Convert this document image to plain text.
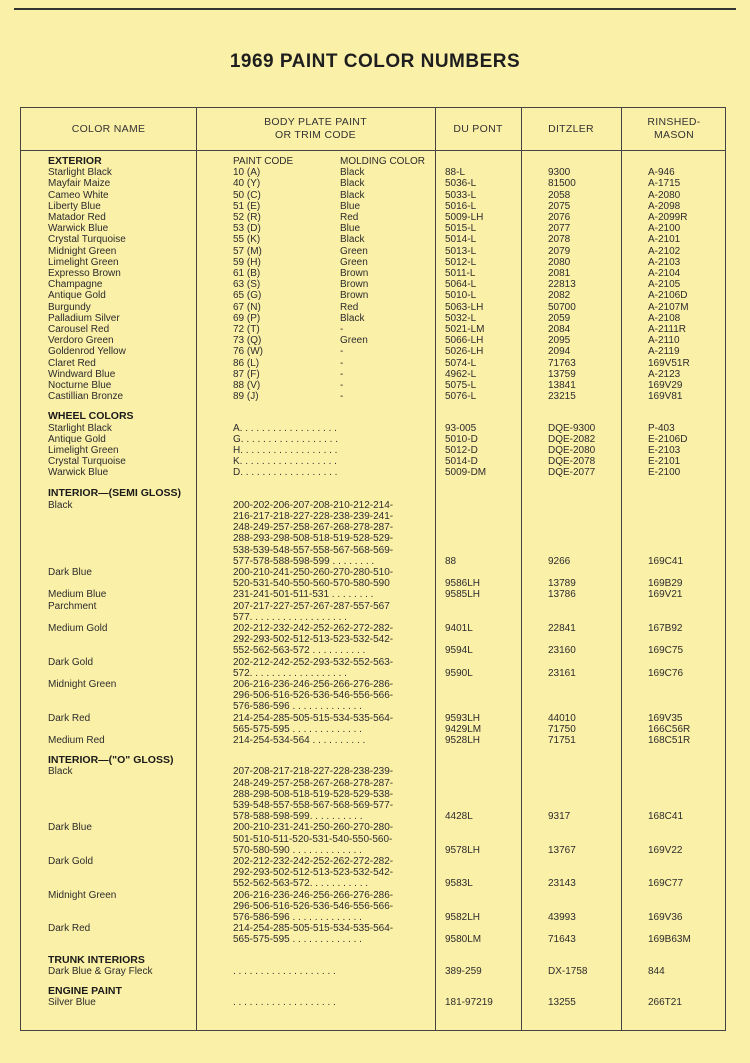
1969 PAINT COLOR NUMBERS
COLOR NAME
BODY PLATE PAINT
OR TRIM CODE
DU PONT	DITZLER
RINSHED-
MASON
EXTERIOR	PAINT CODE	MOLDING COLOR
Starlight Black	10 (A)	Black	88-L	9300	A-946
Mayfair Maize	40 (Y)	Black	5036-L	81500	A-1715
Cameo White	50 (C)	Black	5033-L	2058	A-2080
Liberty Blue	51 (E)	Blue	5016-L	2075	A-2098
Matador Red	52 (R)	Red	5009-LH	2076	A-2099R
Warwick Blue	53 (D)	Blue	5015-L	2077	A-2100
Crystal Turquoise	55 (K)	Black	5014-L	2078	A-2101
Midnight Green	57 (M)	Green	5013-L	2079	A-2102
Limelight Green	59 (H)	Green	5012-L	2080	A-2103
Expresso Brown	61 (B)	Brown	5011-L	2081	A-2104
Champagne	63 (S)	Brown	5064-L	22813	A-2105
Antique Gold	65 (G)	Brown	5010-L	2082	A-2106D
Burgundy	67 (N)	Red	5063-LH	50700	A-2107M
Palladium Silver	69 (P)	Black	5032-L	2059	A-2108
Carousel Red	72 (T)	-	5021-LM	2084	A-2111R
Verdoro Green	73 (Q)	Green	5066-LH	2095	A-2110
Goldenrod Yellow	76 (W)	-	5026-LH	2094	A-2119
Claret Red	86 (L)	-	5074-L	71763	169V51R
Windward Blue	87 (F)	-	4962-L	13759	A-2123
Nocturne Blue	88 (V)	-	5075-L	13841	169V29
Castillian Bronze	89 (J)	-	5076-L	23215	169V81
WHEEL COLORS
Starlight Black	A. . . . . . . . . . . . . . . . . .	93-005	DQE-9300	P-403
Antique Gold	G. . . . . . . . . . . . . . . . . .	5010-D	DQE-2082	E-2106D
Limelight Green	H. . . . . . . . . . . . . . . . . .	5012-D	DQE-2080	E-2103
Crystal Turquoise	K. . . . . . . . . . . . . . . . . .	5014-D	DQE-2078	E-2101
Warwick Blue	D. . . . . . . . . . . . . . . . . .	5009-DM	DQE-2077	E-2100
INTERIOR—(SEMI GLOSS)
Black	200-202-206-207-208-210-212-214-
216-217-218-227-228-238-239-241-
248-249-257-258-267-268-278-287-
288-293-298-508-518-519-528-529-
538-539-548-557-558-567-568-569-
577-578-588-598-599 . . . . . . . .	88	9266	169C41
Dark Blue	200-210-241-250-260-270-280-510-
520-531-540-550-560-570-580-590	9586LH	13789	169B29
Medium Blue	231-241-501-511-531 . . . . . . . .	9585LH	13786	169V21
Parchment	207-217-227-257-267-287-557-567
577. . . . . . . . . . . . . . . . . .
Medium Gold	202-212-232-242-252-262-272-282-	9401L	22841	167B92
292-293-502-512-513-523-532-542-
552-562-563-572 . . . . . . . . . .	9594L	23160	169C75
Dark Gold	202-212-242-252-293-532-552-563-
572. . . . . . . . . . . . . . . . . .	9590L	23161	169C76
Midnight Green	206-216-236-246-256-266-276-286-
296-506-516-526-536-546-556-566-
576-586-596 . . . . . . . . . . . . .
Dark Red	214-254-285-505-515-534-535-564-	9593LH	44010	169V35
565-575-595 . . . . . . . . . . . . .	9429LM	71750	166C56R
Medium Red	214-254-534-564 . . . . . . . . . .	9528LH	71751	168C51R
INTERIOR—("O" GLOSS)
Black	207-208-217-218-227-228-238-239-
248-249-257-258-267-268-278-287-
288-298-508-518-519-528-529-538-
539-548-557-558-567-568-569-577-
578-588-598-599. . . . . . . . . .	4428L	9317	168C41
Dark Blue	200-210-231-241-250-260-270-280-
501-510-511-520-531-540-550-560-
570-580-590 . . . . . . . . . . . . .	9578LH	13767	169V22
Dark Gold	202-212-232-242-252-262-272-282-
292-293-502-512-513-523-532-542-
552-562-563-572. . . . . . . . . . .	9583L	23143	169C77
Midnight Green	206-216-236-246-256-266-276-286-
296-506-516-526-536-546-556-566-
576-586-596 . . . . . . . . . . . . .	9582LH	43993	169V36
Dark Red	214-254-285-505-515-534-535-564-
565-575-595 . . . . . . . . . . . . .	9580LM	71643	169B63M
TRUNK INTERIORS
Dark Blue & Gray Fleck	. . . . . . . . . . . . . . . . . . .	389-259	DX-1758	844
ENGINE PAINT
Silver Blue	. . . . . . . . . . . . . . . . . . .	181-97219	13255	266T21
